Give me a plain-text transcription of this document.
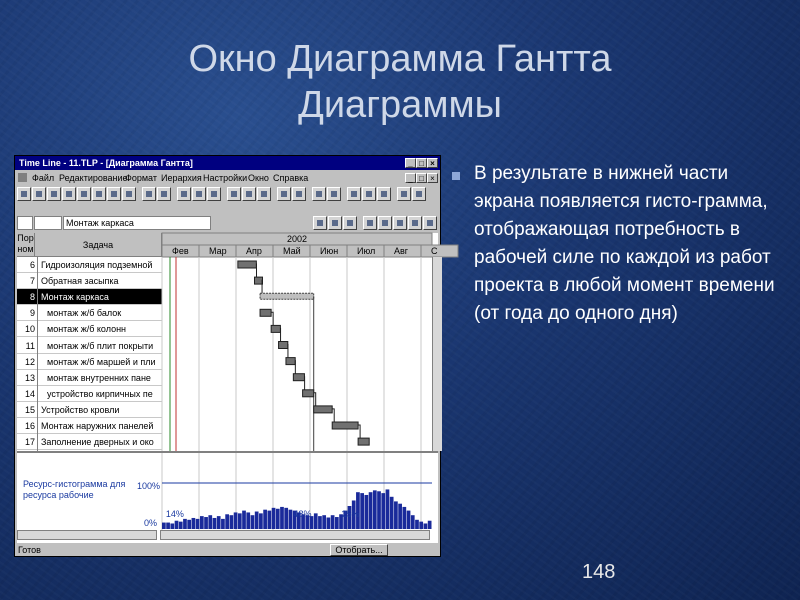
Окно Диаграмма Гантта
Диаграммы
В результате в нижней части экрана появляется гисто-грамма, отображающая потребность в рабочей силе по каждой из работ проекта в любой момент времени (от года до одного дня)
148
Time Line - 11.TLP - [Диаграмма Гантта]	_ □ ×
Файл Редактирование
Формат Иерархия Настройки Окно Справка	_ □ ×
Монтаж каркаса
Пор ном	Задача
6 Гидроизоляция подземной
7 Обратная засыпка
8 Монтаж каркаса
9 монтаж ж/б балок
10 монтаж ж/б колонн
11 монтаж ж/б плит покрыти
12 монтаж ж/б маршей и пли
13 монтаж внутренних пане
14 устройство кирпичных пе
15 Устройство кровли
16 Монтаж наружних панелей
17 Заполнение дверных и око
2002
Фев Мар Апр Май Июн Июл Авг	С
Ресурс-гистограмма для ресурса рабочие
100%
0%
14%	48%	25%
Готов	Отобрать...
